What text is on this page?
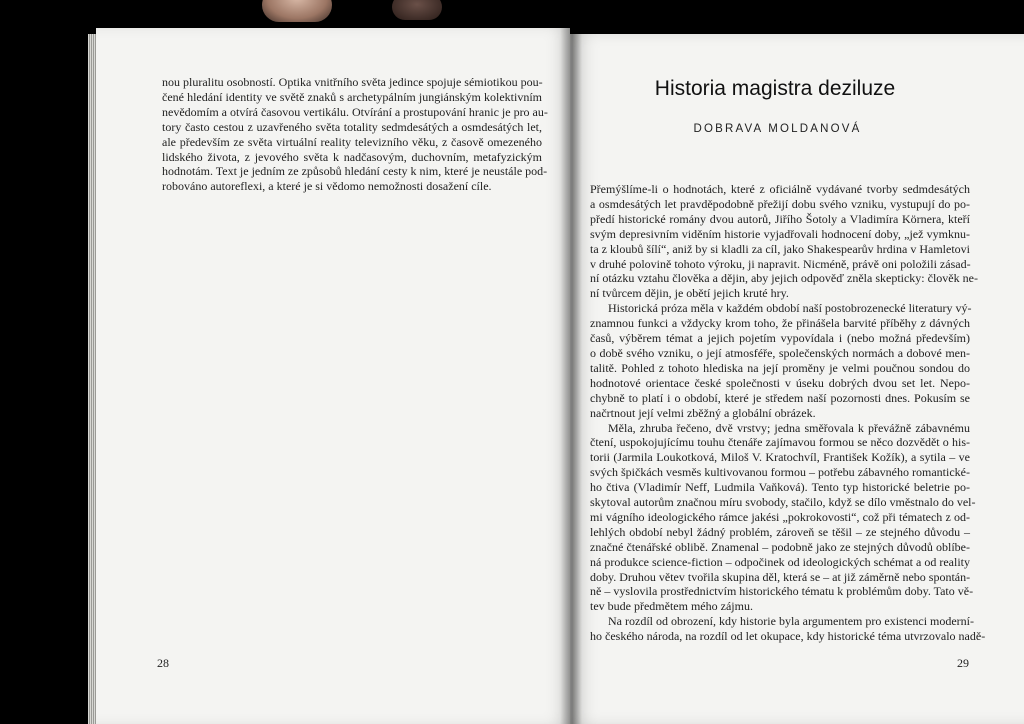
nou pluralitu osobností. Optika vnitřního světa jedince spojuje sémiotikou pou-
čené hledání identity ve světě znaků s archetypálním jungiánským kolektivním
nevědomím a otvírá časovou vertikálu. Otvírání a prostupování hranic je pro au-
tory často cestou z uzavřeného světa totality sedmdesátých a osmdesátých let,
ale především ze světa virtuální reality televizního věku, z časově omezeného
lidského života, z jevového světa k nadčasovým, duchovním, metafyzickým
hodnotám. Text je jedním ze způsobů hledání cesty k nim, které je neustále pod-
robováno autoreflexi, a které je si vědomo nemožnosti dosažení cíle.
28
Historia magistra deziluze
DOBRAVA MOLDANOVÁ
Přemýšlíme-li o hodnotách, které z oficiálně vydávané tvorby sedmdesátých
a osmdesátých let pravděpodobně přežijí dobu svého vzniku, vystupují do po-
předí historické romány dvou autorů, Jiřího Šotoly a Vladimíra Körnera, kteří
svým depresivním viděním historie vyjadřovali hodnocení doby, „jež vymknu-
ta z kloubů šílí“, aniž by si kladli za cíl, jako Shakespearův hrdina v Hamletovi
v druhé polovině tohoto výroku, ji napravit. Nicméně, právě oni položili zásad-
ní otázku vztahu člověka a dějin, aby jejich odpověď zněla skepticky: člověk ne-
ní tvůrcem dějin, je obětí jejich kruté hry.
Historická próza měla v každém období naší postobrozenecké literatury vý-
znamnou funkci a vždycky krom toho, že přinášela barvité příběhy z dávných
časů, výběrem témat a jejich pojetím vypovídala i (nebo možná především)
o době svého vzniku, o její atmosféře, společenských normách a dobové men-
talitě. Pohled z tohoto hlediska na její proměny je velmi poučnou sondou do
hodnotové orientace české společnosti v úseku dobrých dvou set let. Nepo-
chybně to platí i o období, které je středem naší pozornosti dnes. Pokusím se
načrtnout její velmi zběžný a globální obrázek.
Měla, zhruba řečeno, dvě vrstvy; jedna směřovala k převážně zábavnému
čtení, uspokojujícímu touhu čtenáře zajímavou formou se něco dozvědět o his-
torii (Jarmila Loukotková, Miloš V. Kratochvíl, František Kožík), a sytila – ve
svých špičkách vesměs kultivovanou formou – potřebu zábavného romantické-
ho čtiva (Vladimír Neff, Ludmila Vaňková). Tento typ historické beletrie po-
skytoval autorům značnou míru svobody, stačilo, když se dílo vměstnalo do vel-
mi vágního ideologického rámce jakési „pokrokovosti“, což při tématech z od-
lehlých období nebyl žádný problém, zároveň se těšil – ze stejného důvodu –
značné čtenářské oblibě. Znamenal – podobně jako ze stejných důvodů oblíbe-
ná produkce science-fiction – odpočinek od ideologických schémat a od reality
doby. Druhou větev tvořila skupina děl, která se – at již záměrně nebo spontán-
ně – vyslovila prostřednictvím historického tématu k problémům doby. Tato vě-
tev bude předmětem mého zájmu.
Na rozdíl od obrození, kdy historie byla argumentem pro existenci moderní-
ho českého národa, na rozdíl od let okupace, kdy historické téma utvrzovalo nadě-
29
